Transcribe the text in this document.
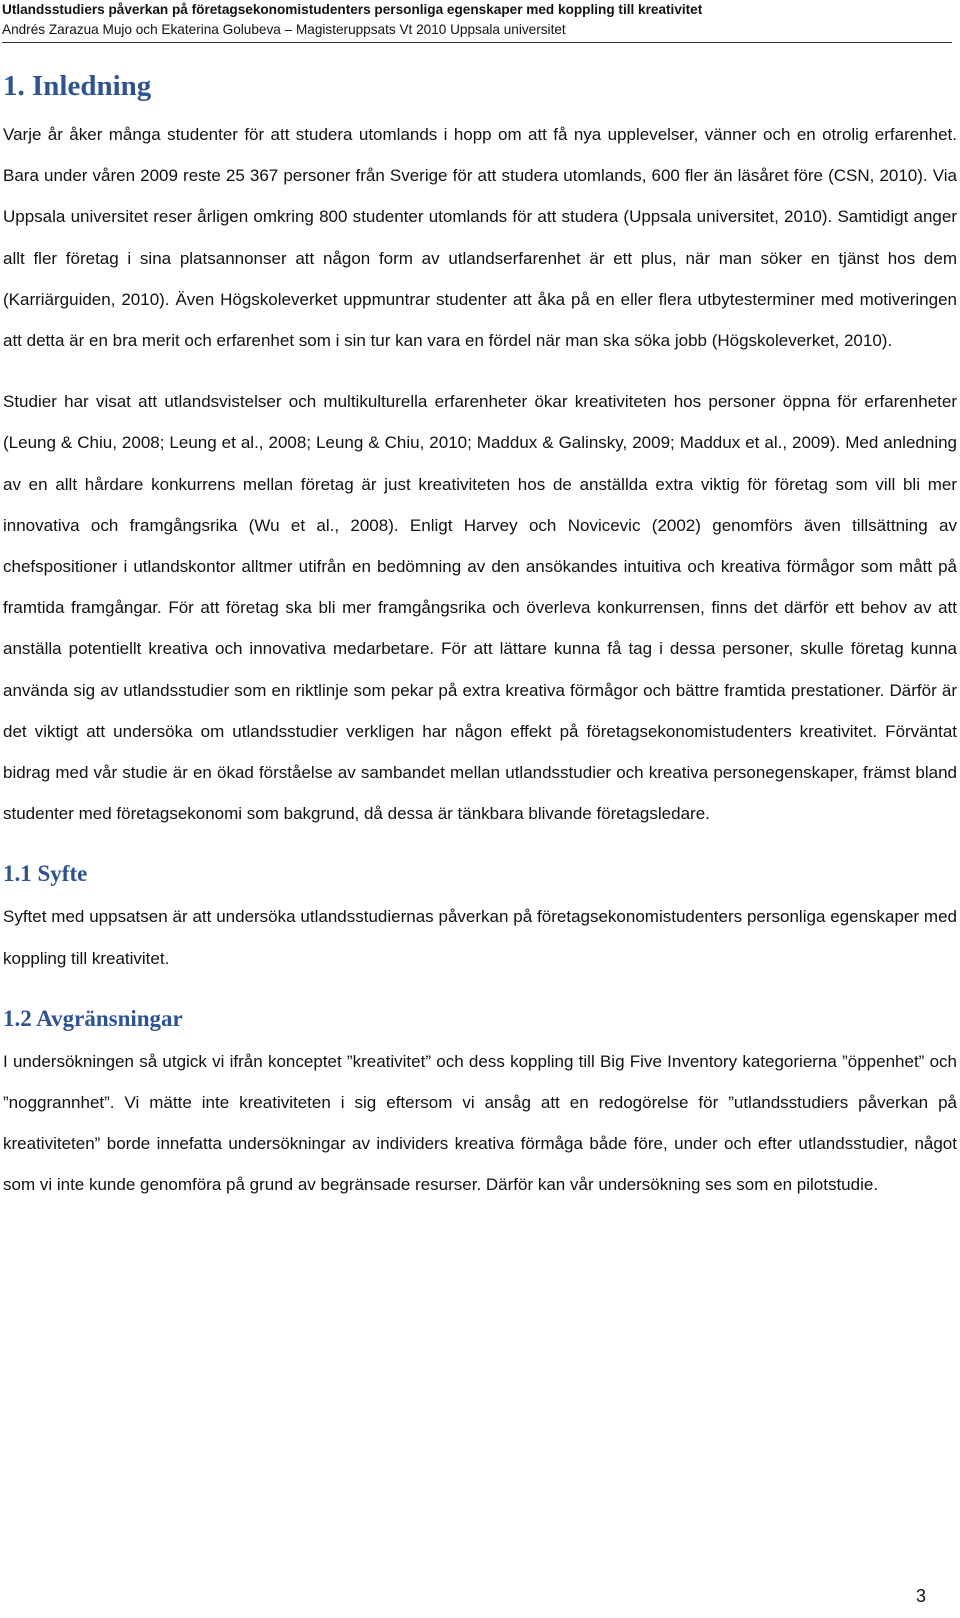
Utlandsstudiers påverkan på företagsekonomistudenters personliga egenskaper med koppling till kreativitet
Andrés Zarazua Mujo och Ekaterina Golubeva – Magisteruppsats Vt 2010 Uppsala universitet
1. Inledning

Varje år åker många studenter för att studera utomlands i hopp om att få nya upplevelser, vänner och en otrolig erfarenhet. Bara under våren 2009 reste 25 367 personer från Sverige för att studera utomlands, 600 fler än läsåret före (CSN, 2010). Via Uppsala universitet reser årligen omkring 800 studenter utomlands för att studera (Uppsala universitet, 2010). Samtidigt anger allt fler företag i sina platsannonser att någon form av utlandserfarenhet är ett plus, när man söker en tjänst hos dem (Karriärguiden, 2010). Även Högskoleverket uppmuntrar studenter att åka på en eller flera utbytesterminer med motiveringen att detta är en bra merit och erfarenhet som i sin tur kan vara en fördel när man ska söka jobb (Högskoleverket, 2010).

Studier har visat att utlandsvistelser och multikulturella erfarenheter ökar kreativiteten hos personer öppna för erfarenheter (Leung & Chiu, 2008; Leung et al., 2008; Leung & Chiu, 2010; Maddux & Galinsky, 2009; Maddux et al., 2009). Med anledning av en allt hårdare konkurrens mellan företag är just kreativiteten hos de anställda extra viktig för företag som vill bli mer innovativa och framgångsrika (Wu et al., 2008). Enligt Harvey och Novicevic (2002) genomförs även tillsättning av chefspositioner i utlandskontor alltmer utifrån en bedömning av den ansökandes intuitiva och kreativa förmågor som mått på framtida framgångar. För att företag ska bli mer framgångsrika och överleva konkurrensen, finns det därför ett behov av att anställa potentiellt kreativa och innovativa medarbetare. För att lättare kunna få tag i dessa personer, skulle företag kunna använda sig av utlandsstudier som en riktlinje som pekar på extra kreativa förmågor och bättre framtida prestationer. Därför är det viktigt att undersöka om utlandsstudier verkligen har någon effekt på företagsekonomistudenters kreativitet. Förväntat bidrag med vår studie är en ökad förståelse av sambandet mellan utlandsstudier och kreativa personegenskaper, främst bland studenter med företagsekonomi som bakgrund, då dessa är tänkbara blivande företagsledare.

1.1 Syfte

Syftet med uppsatsen är att undersöka utlandsstudiernas påverkan på företagsekonomistudenters personliga egenskaper med koppling till kreativitet.

1.2 Avgränsningar

I undersökningen så utgick vi ifrån konceptet ”kreativitet” och dess koppling till Big Five Inventory kategorierna ”öppenhet” och ”noggrannhet”. Vi mätte inte kreativiteten i sig eftersom vi ansåg att en redogörelse för ”utlandsstudiers påverkan på kreativiteten” borde innefatta undersökningar av individers kreativa förmåga både före, under och efter utlandsstudier, något som vi inte kunde genomföra på grund av begränsade resurser. Därför kan vår undersökning ses som en pilotstudie.

3
